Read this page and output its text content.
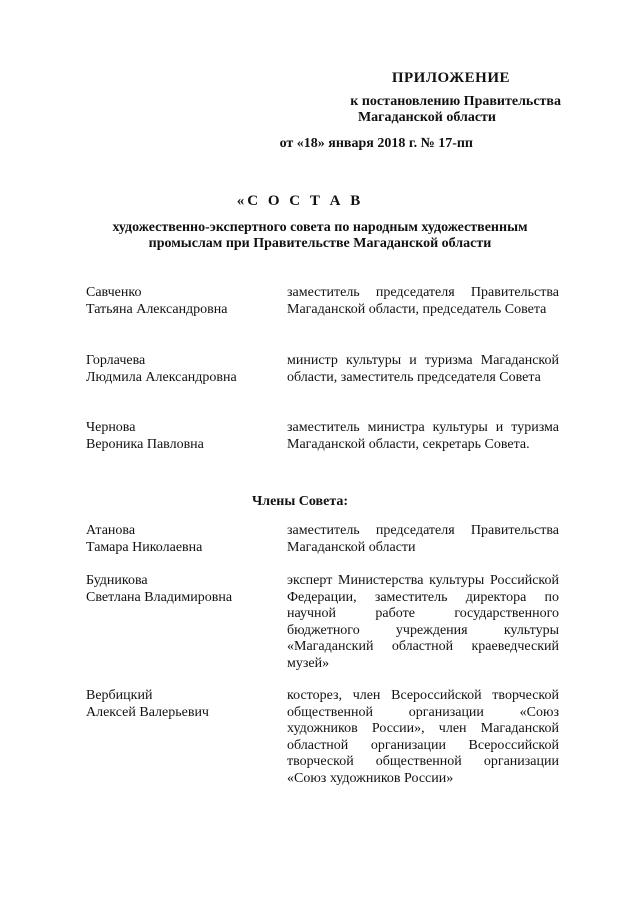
ПРИЛОЖЕНИЕ
к постановлению Правительства
Магаданской области
от «18» января 2018 г. № 17-пп
«С О С Т А В
художественно-экспертного совета по народным художественным
промыслам при Правительстве Магаданской области
Савченко
Татьяна Александровна
заместитель председателя Правительства Магаданской области, председатель Совета
Горлачева
Людмила Александровна
министр культуры и туризма Магаданской области, заместитель председателя Совета
Чернова
Вероника Павловна
заместитель министра культуры и туризма Магаданской области, секретарь Совета.
Члены Совета:
Атанова
Тамара Николаевна
заместитель председателя Правительства Магаданской области
Будникова
Светлана Владимировна
эксперт Министерства культуры Российской Федерации, заместитель директора по научной работе государственного бюджетного учреждения культуры «Магаданский областной краеведческий музей»
Вербицкий
Алексей Валерьевич
косторез, член Всероссийской творческой общественной организации «Союз художников России», член Магаданской областной организации Всероссийской творческой общественной организации «Союз художников России»
